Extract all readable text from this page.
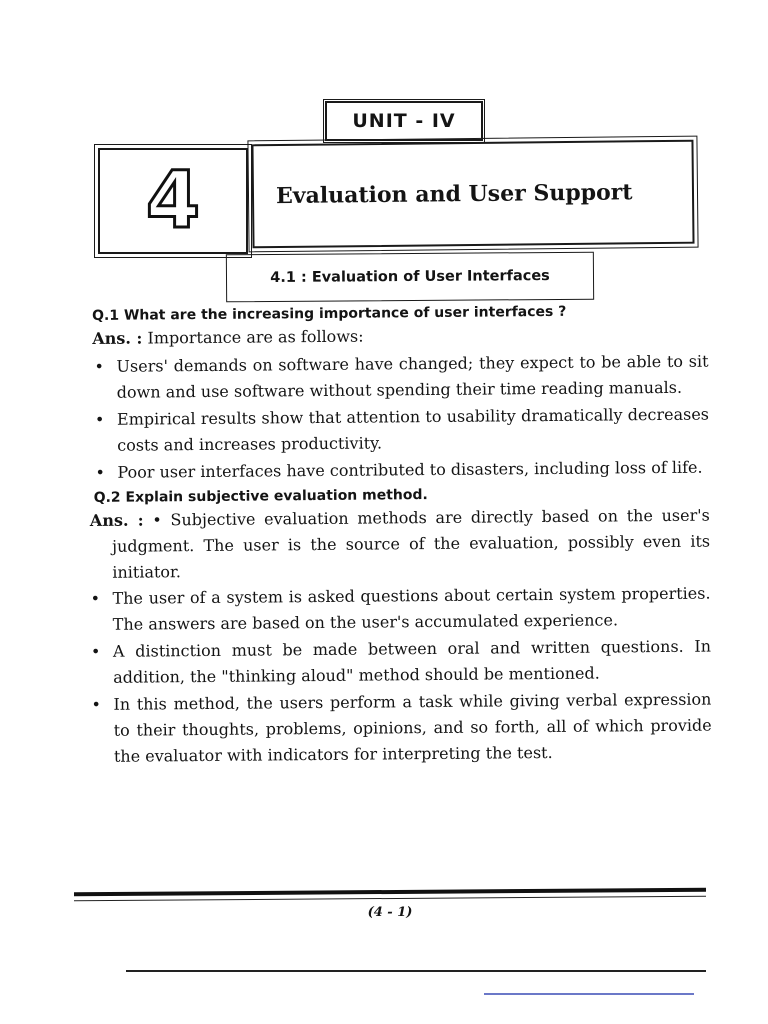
UNIT - IV
4	Evaluation and User Support
4.1 : Evaluation of User Interfaces
Q.1 What are the increasing importance of user interfaces ?
Ans. : Importance are as follows:
• Users' demands on software have changed; they expect to be able to sit down and use software without spending their time reading manuals.
• Empirical results show that attention to usability dramatically decreases costs and increases productivity.
• Poor user interfaces have contributed to disasters, including loss of life.
Q.2 Explain subjective evaluation method.

Ans. : • Subjective evaluation methods are directly based on the user's judgment. The user is the source of the evaluation, possibly even its initiator.

• The user of a system is asked questions about certain system properties. The answers are based on the user's accumulated experience.
• A distinction must be made between oral and written questions. In addition, the "thinking aloud" method should be mentioned.
• In this method, the users perform a task while giving verbal expression to their thoughts, problems, opinions, and so forth, all of which provide the evaluator with indicators for interpreting the test.
(4 - 1)
